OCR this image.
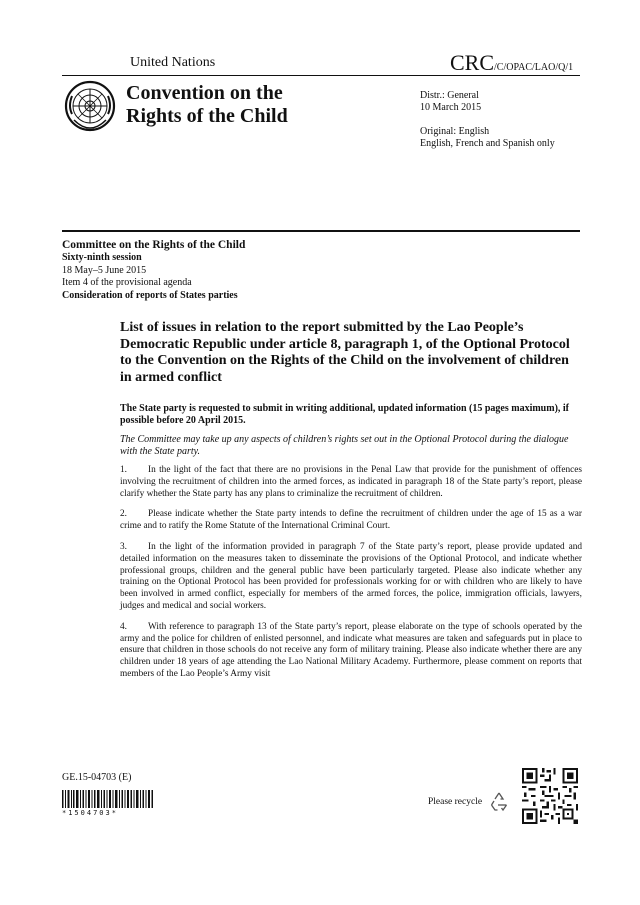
United Nations	CRC/C/OPAC/LAO/Q/1
Convention on the
Rights of the Child
Distr.: General
10 March 2015
Original: English
English, French and Spanish only
Committee on the Rights of the Child
Sixty-ninth session
18 May–5 June 2015
Item 4 of the provisional agenda
Consideration of reports of States parties
List of issues in relation to the report submitted by the Lao People’s Democratic Republic under article 8, paragraph 1, of the Optional Protocol to the Convention on the Rights of the Child on the involvement of children in armed conflict
The State party is requested to submit in writing additional, updated information (15 pages maximum), if possible before 20 April 2015.
The Committee may take up any aspects of children’s rights set out in the Optional Protocol during the dialogue with the State party.

1. In the light of the fact that there are no provisions in the Penal Law that provide for the punishment of offences involving the recruitment of children into the armed forces, as indicated in paragraph 18 of the State party’s report, please clarify whether the State party has any plans to criminalize the recruitment of children.

2. Please indicate whether the State party intends to define the recruitment of children under the age of 15 as a war crime and to ratify the Rome Statute of the International Criminal Court.

3. In the light of the information provided in paragraph 7 of the State party’s report, please provide updated and detailed information on the measures taken to disseminate the provisions of the Optional Protocol, and indicate whether professional groups, children and the general public have been particularly targeted. Please also indicate whether any training on the Optional Protocol has been provided for professionals working for or with children who are likely to have been involved in armed conflict, especially for members of the armed forces, the police, immigration officials, lawyers, judges and medical and social workers.

4. With reference to paragraph 13 of the State party’s report, please elaborate on the type of schools operated by the army and the police for children of enlisted personnel, and indicate what measures are taken and safeguards put in place to ensure that children in those schools do not receive any form of military training. Please also indicate whether there are any children under 18 years of age attending the Lao National Military Academy. Furthermore, please comment on reports that members of the Lao People’s Army visit

GE.15-04703 (E)
*1504703*
Please recycle
